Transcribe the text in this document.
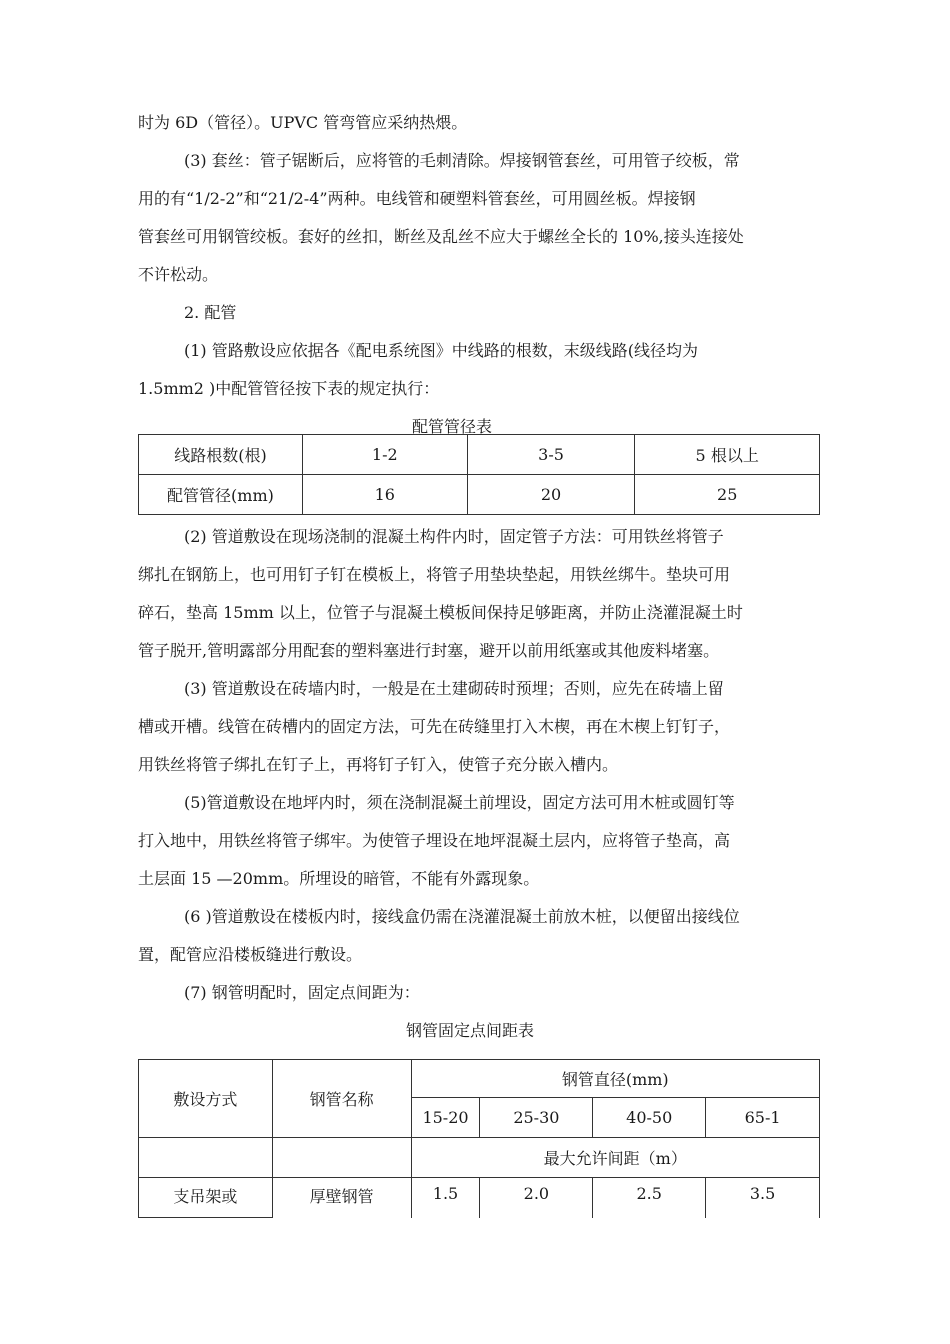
时为 6D（管径）。UPVC 管弯管应采纳热煨。
(3) 套丝：管子锯断后，应将管的毛刺清除。焊接钢管套丝，可用管子绞板，常
用的有“1/2-2”和“21/2-4”两种。电线管和硬塑料管套丝，可用圆丝板。焊接钢
管套丝可用钢管绞板。套好的丝扣，断丝及乱丝不应大于螺丝全长的 10%,接头连接处
不许松动。
2. 配管
(1) 管路敷设应依据各《配电系统图》中线路的根数，末级线路(线径均为
1.5mm2 )中配管管径按下表的规定执行：
配管管径表
线路根数(根)	1-2	3-5	5 根以上
配管管径(mm)	16	20	25
(2) 管道敷设在现场浇制的混凝土构件内时，固定管子方法：可用铁丝将管子
绑扎在钢筋上，也可用钉子钉在模板上，将管子用垫块垫起，用铁丝绑牛。垫块可用
碎石，垫高 15mm 以上，位管子与混凝土模板间保持足够距离，并防止浇灌混凝土时
管子脱开,管明露部分用配套的塑料塞进行封塞，避开以前用纸塞或其他废料堵塞。
(3) 管道敷设在砖墙内时，一般是在土建砌砖时预埋；否则，应先在砖墙上留
槽或开槽。线管在砖槽内的固定方法，可先在砖缝里打入木楔，再在木楔上钉钉子，
用铁丝将管子绑扎在钉子上，再将钉子钉入，使管子充分嵌入槽内。
(5)管道敷设在地坪内时，须在浇制混凝土前埋设，固定方法可用木桩或圆钉等
打入地中，用铁丝将管子绑牢。为使管子埋设在地坪混凝土层内，应将管子垫高，高
土层面 15 —20mm。所埋设的暗管，不能有外露现象。
(6 )管道敷设在楼板内时，接线盒仍需在浇灌混凝土前放木桩，以便留出接线位
置，配管应沿楼板缝进行敷设。
(7) 钢管明配时，固定点间距为：
钢管固定点间距表
敷设方式	钢管名称	钢管直径(mm)			
		15-20	25-30	40-50	65-1
		最大允许间距（m）			
支吊架或	厚壁钢管	1.5	2.0	2.5	3.5
